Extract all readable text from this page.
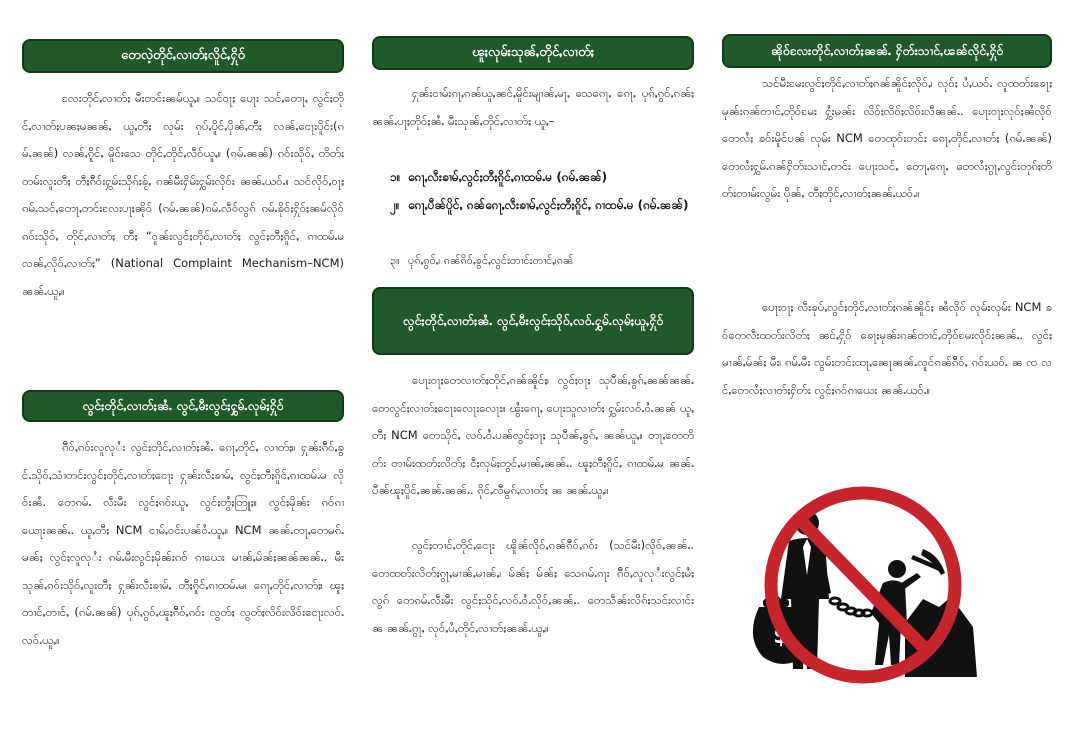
တေလဲ့တိုင်ႇလၢတ်ႈလိူင်ႇႁိုဝ်

လႄးတိုင်ႇလၢတ်ႈ မီးတင်းၼမ်ယူႇ။ သင်ဝႃႈ ပေႃး သင်ႇတေႃႇ လွင်ႈတိုင်ႇလၢတ်ႈပၼႈမၼၼ်ႇ ယူႇတီႈ လုမ်း ၵုပ်ႇပိူင်ႇပိုၼ်ႇတီႈ လၼ်ႇငေႃးပိူင်း(ၵမ်ႉၼၼ်) လၼ်ႇၵိူင်ႇ မိူင်းသေ တိုင်ႇတိုင်ႇလဵဝ်ယူႇ။ (ၵမ်ႉၼၼ်) ၵဝ်းသိုဝ်ႇ တိတ်း တမ်းလူးတီႈ တီႈၵိဵဝ်းႁွမ်းသိုၵ်းၶႂ်ႇ ၵၼ်မီးႁိမ်းႁွမ်းလိုဝ်း ၼၼ်ႉယဝ်ႉ။ သင်လိုဝ်ႇဝႃႈ ၵမ်ႉသင်ႇတေႃႇတင်းလႄးပႃႈၼိုဝ် (ၵမ်ႉၼၼ်)ၵမ်ႉလဵဝ်လွၵ် ၵမ်ႉၶိုဝ်ႈႁိုဝ်ႈၼမ်လိုဝ် ၵဝ်းသိုဝ်ႇ တိုင်ႇလၢတ်ႈ တီႈ “ဝူၼ်းလွင်ႈတိုင်ႇလၢတ်ႈ လွင်ႈတီႈၵိူင်ႇ ၵၢထမ်ႉမ လၼ်ႇလိုဝ်ႇလၢတ်ႈ” (National Complaint Mechanism–NCM) ၼၼ်ႉယူႇ။

လွင်ႈတိုင်ႇလၢတ်ႈၼႆႉ လွင်ႇမီးလွင်ႈႁွမ်ႉလုမ်ႈႁိုဝ်

ၵိဵဝ်ႇၵဝ်းလူလုႆး လွင်ႈတိုင်ႇလၢတ်ႈၼႆႉ ၵေႃႇတိုင်ႇ လၢတ်ႈ။ ႁုၼ်းၵိဵဝ်ႇၶွင်ႉသိုဝ်ႇသံၢတင်းလွင်ႈတိုင်ႇလၢတ်ႈငေႃး ႁုၼ်းလဵးၶၢမ်ႇ လွင်ႈတီႈၵိူင်ႇၵၢထမ်ႉမ လိုဝ်းၼႆ. တေၵမ်ႉ လဵးမီး လွင်ႈၵဝ်းယူႇ လွင်ႈတွႆႈတြူႈ။ လွင်ႈမိုၼ်း ၵဝ်ၵၢ ယေႃးၼၼ်ႉ. ယူႇတီႈ NCM ငၢမ်ႇဝင်းပၼ်ဝႆႉယူႇ။ NCM ၼၼ်ႉတႃႇတေမၵ်ႉမၼ်ႈ လွင်ႈလူလုႆး ၵမ်ႉမီးလွင်ႈမိုၼ်းၵဝ် ၵၢယေး မၢၼ်ႇမ်ၼ်ႈၼၼ်ၼၼ်ႉ. မီးသုၼ်ႇၵဝ်းသိုဝ်ႇလူးတီႈ ႁုၼ်းလဵးၶၢမ်ႇ တီႈၵိူင်ႇၵၢထမ်ႉမ၊ ၵေႃႇတိုင်ႇလၢတ်ႈ၊ ၽူႈတၢင်ႇတၢင်ႇ (ၵမ်ႉၼၼ်) ပုၵ်ႇၵွဝ်ႇၽူႈၵိဵဝ်ႇၵဝ်း လွတ်ႈ လွတ်ႈလိဝ်းလိဝ်းငေႃးလဝ်ႉလဝ်ႉယူႇ။

ၽူႈလုမ်းသုၼ်ႇတိုင်ႇလၢတ်ႈ

ႁုၼ်းငၢမ်းၵႃႇၵၼ်ယူႇၼင်ႇမိူင်းမျၢၼ်ႇမႃႇ သေၵေႃႇ ၵေႃႇ ပုၵ်ႇၵွဝ်ႇၵၼ်ႈ ၼၼ်ႉပႃႈတိုဝ်ႈၼႆႉ မီးသုၼ်ႇတိုင်ႇလၢတ်ႈ ယူႇ–

၁။ ၵေႃႇလဵးၶၢမ်ႇလွင်ႈတီႈၵိူင်ႇၵၢထမ်ႉမ (ၵမ်ႉၼၼ်)
၂။ ၵေႃႇပီၼ်ပိူင်ႇ ၵၼ်ၵေႃႇလဵးၶၢမ်ႇလွင်ႈတီႈၵိူင်ႇ ၵၢထမ်ႉမ (ၵမ်ႉၼၼ်)
၃။ ပုၵ်ႇၵွဝ်ႇ၊ ၵၼ်ၵိဝ်ႇၶွင်ႇလွင်းတၢင်းတၢင်ႇ၊ၵၼ်
လွင်ႈတိုင်ႇလၢတ်ႈၼႆႉ လွင်ႇမီးလွင်ႈသိုဝ်ႇလဝ်ႉႁွမ်ႉလုမ်ႈယူႇႁိုဝ်

ပေႃးဝႃႈတေလၢတ်ႈတိုင်ႇၵၼ်ၼိူင်ႈ၊ လွင်ႈဝႃႈ သုပီၼ်ႇၶွၵ်ႇၼၼ်ၼၼ်ႉ တေလွင်ႈလၢတ်ႈငေႃးလေႃးလေႃး။ ၽွႆးၵေႃႇ ပေႃးသူလၢတ်ႈ ႁွမ်းလဝ်ႉဝႆႉၼၼ် ယူႇတီႈ NCM တေသိုင်ႇ လဝ်ႉဝႆႉပၼ်လွင်ႈဝႃႈ သုပီၼ်ႇၶွၵ်ႇ ၼၼ်ယူႇ။ တႃႇတေတိတ်း တၢမ်းထတ်းလိတ်ႈ ငဵႈလုမ်ႈတွင်ႇမၢၼ်ႇၼၼ်ႉ. ၽူႈတီႈၵိူင်ႇ ၵၢထမ်ႉမ ၼၼ်ႉပီၼ်ၽူႈပိူင်ႇၼၼ်ႉၼၼ်ႉ. ၵိုင်ႇလီမွၵ်ႇလၢတ်ႈ ၼ ၼၼ်ႉယူႇ။

လွင်ႈတၢင်ႇတိုင်ႇငေႃး ၽိူၼ်လိုဝ်ႇၵၼ်ၵိဵဝ်ႇၵဝ်း (သင်မီး)လိုဝ်ႇၼၼ်ႉ. တေထတ်းလိတ်ႈၵွႃႇမၢၼ်ႇမၢၼ်ႇ၊ မ်ၼ်ႈ မ်ၼ်ႈ သေၵမ်ႉၵႃး ၵိဵဝ်ႇလူလုႆးလွင်ႈမႆႈလွၵ် တေၵမ်ႉလဵးမီး လွင်ႈသိုင်ႇလဝ်ႉဝႆႉလိုဝ်ႇၼၼ်ႉ. တေသဵၼ်းလိၵ်ႈသင်းလၢင်း ၼ ၼၼ်ႉၵွႃႇ လုဝ်ႇပႆႇတိုင်ႇလၢတ်ႈၼၼ်ႉယူႇ။

ၼိုဝ်လႄးတိုင်ႇလၢတ်ႈၼၼ်ႉ ႁိတ်းသၢင်ႇၽၼ်လိုင်ႇႁိုဝ်

သင်မီးမႄးလွင်ႈတိုင်ႇလၢတ်ႈၵၼ်ၼိူင်ႈလိုဝ်ႇ၊ လုဝ်ႈ ပႆႇယဝ်ႉ လူထတ်းၶေႃႈမုၼ်းၵၼ်တၢင်ႇတိုဝ်မႄး ႁွႆးမၼ်း လိဝ်ႈလိဝ်ႈလိဝ်းလီၼၼ်ႉ. ပေႃးဝႃႈလုဝ်ႈၼႆလိုဝ် တေလႆႈ ၶဝ်းမိူင်ပၼ် လုမ်း NCM တေထုဝ်းတင်း ၵေႃႇတိုင်ႇလၢတ်ႈ (ၵမ်ႉၼၼ်) တေလႆႈႁွမ်ႉၵၼ်ႁိတ်းသၢင်ႇတင်း ပေႃးသင်ႇ တေႃႇၵေႃႇ တေလႆႈၵွႃႇလွင်းတုၵ်ႈတိတ်းတၢမ်းလွမ်း ပိုၼ်ႇ တီႈတိုင်ႇလၢတ်ႈၼၼ်ႉယဝ်ႉ။

ပေႃးဝႃႈ လဵးၶုပ်ႇလွင်ႈတိုင်ႇလၢတ်ႈၵၼ်ၼိူင်ႈ ၼႆလိုဝ် လုမ်းလုမ်း NCM ၶဝ်တေလဵးထတ်းလိတ်ႈ ၼင်ႇႁိုဝ် ၶေႃႈမုၼ်းၵၼ်တၢင်ႇတိုဝ်မႄးလိုဝ်းၼၼ်ႉ. လွင်ႈမၢၼ်ႇမ်ၼ်ႈ မီး၊ ၵမ်ႉမီး လွမ်းတင်းထႃႇၼေႃၼၼ်ႉလူင်ၵၼ်ၵိဵဝ်ႇ ၵဝ်းယဝ်ႉ ၼ ၸ လင်ႇတေလႆႈလၢတ်ႈႁိတ်း လွင်ႈၵဝ်ၵၢယေး ၼၼ်ႉယဝ်ႉ။

$
